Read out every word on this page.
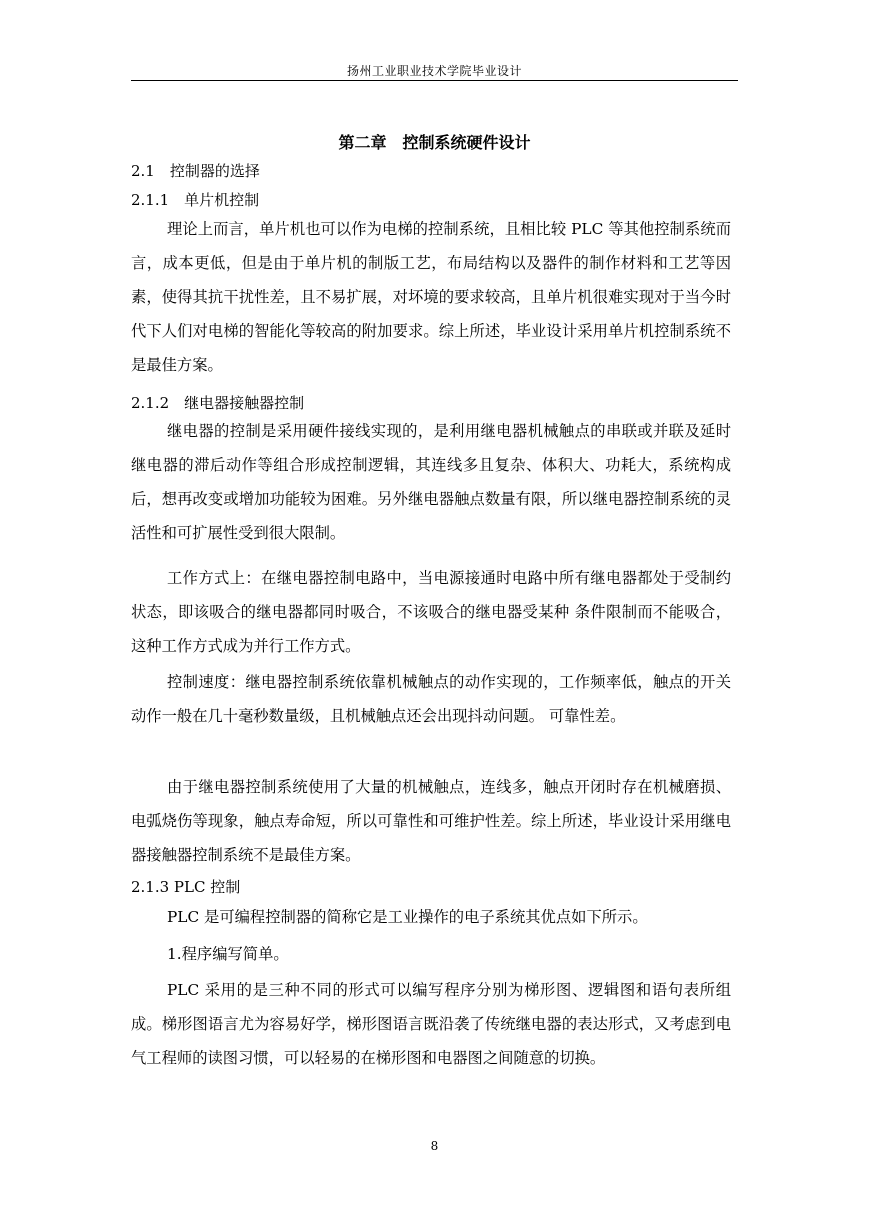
扬州工业职业技术学院毕业设计
第二章　控制系统硬件设计
2.1　控制器的选择
2.1.1　单片机控制

理论上而言，单片机也可以作为电梯的控制系统，且相比较 PLC 等其他控制系统而言，成本更低，但是由于单片机的制版工艺，布局结构以及器件的制作材料和工艺等因素，使得其抗干扰性差，且不易扩展，对坏境的要求较高，且单片机很难实现对于当今时代下人们对电梯的智能化等较高的附加要求。综上所述，毕业设计采用单片机控制系统不是最佳方案。

2.1.2　继电器接触器控制

继电器的控制是采用硬件接线实现的，是利用继电器机械触点的串联或并联及延时继电器的滞后动作等组合形成控制逻辑，其连线多且复杂、体积大、功耗大，系统构成后，想再改变或增加功能较为困难。另外继电器触点数量有限，所以继电器控制系统的灵活性和可扩展性受到很大限制。

工作方式上：在继电器控制电路中，当电源接通时电路中所有继电器都处于受制约状态，即该吸合的继电器都同时吸合，不该吸合的继电器受某种 条件限制而不能吸合，这种工作方式成为并行工作方式。

控制速度：继电器控制系统依靠机械触点的动作实现的，工作频率低，触点的开关动作一般在几十毫秒数量级，且机械触点还会出现抖动问题。 可靠性差。

由于继电器控制系统使用了大量的机械触点，连线多，触点开闭时存在机械磨损、电弧烧伤等现象，触点寿命短，所以可靠性和可维护性差。综上所述，毕业设计采用继电器接触器控制系统不是最佳方案。

2.1.3 PLC 控制

PLC 是可编程控制器的简称它是工业操作的电子系统其优点如下所示。

1.程序编写简单。

PLC 采用的是三种不同的形式可以编写程序分别为梯形图、逻辑图和语句表所组成。梯形图语言尤为容易好学，梯形图语言既沿袭了传统继电器的表达形式，又考虑到电气工程师的读图习惯，可以轻易的在梯形图和电器图之间随意的切换。

8
